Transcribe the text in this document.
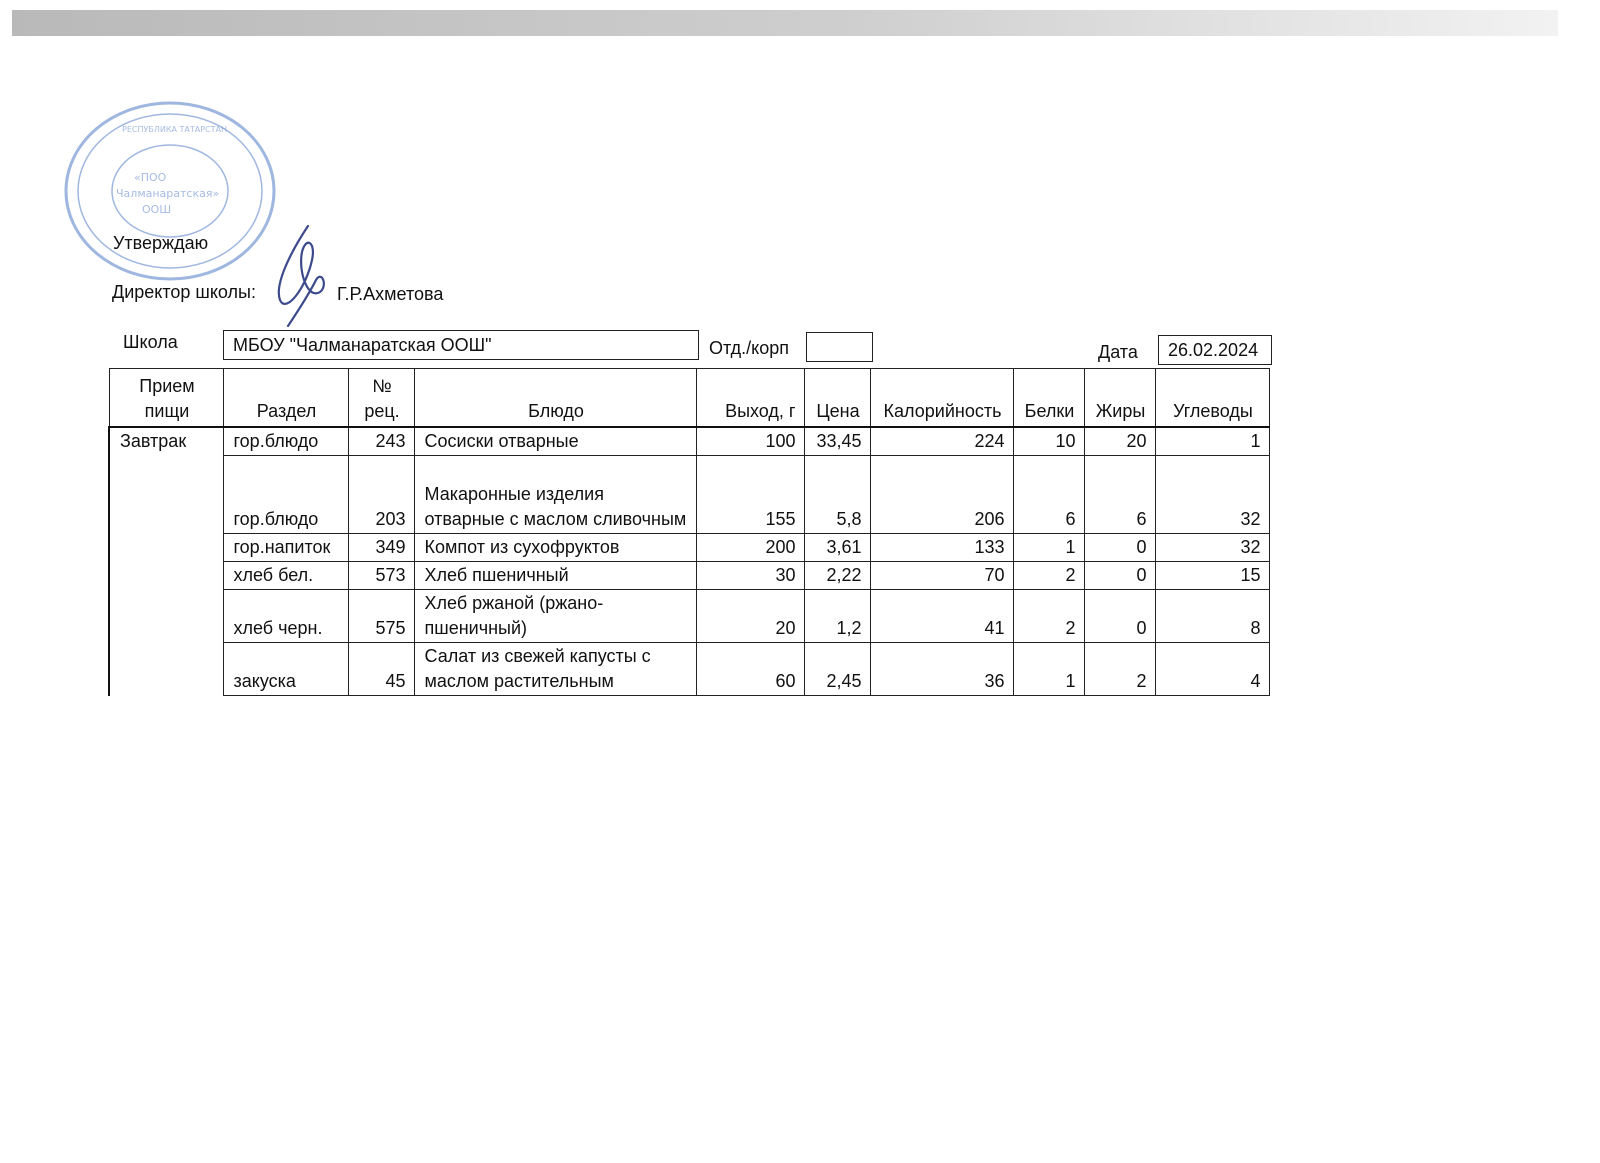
«ПОО
Чалманаратская»
ООШ
РЕСПУБЛИКА ТАТАРСТАН
Утверждаю
Директор школы:	Г.Р.Ахметова
Школа	МБОУ "Чалманаратская ООШ"	Отд./корп	Дата	26.02.2024
Прием пищи	Раздел	№ рец.	Блюдо	Выход, г	Цена	Калорийность	Белки	Жиры	Углеводы
Завтрак	гор.блюдо	243	Сосиски отварные	100	33,45	224	10	20	1
	гор.блюдо	203	Макаронные изделия отварные с маслом сливочным	155	5,8	206	6	6	32
	гор.напиток	349	Компот из сухофруктов	200	3,61	133	1	0	32
	хлеб бел.	573	Хлеб пшеничный	30	2,22	70	2	0	15
	хлеб черн.	575	Хлеб ржаной (ржано-пшеничный)	20	1,2	41	2	0	8
	закуска	45	Салат из свежей капусты с маслом растительным	60	2,45	36	1	2	4
